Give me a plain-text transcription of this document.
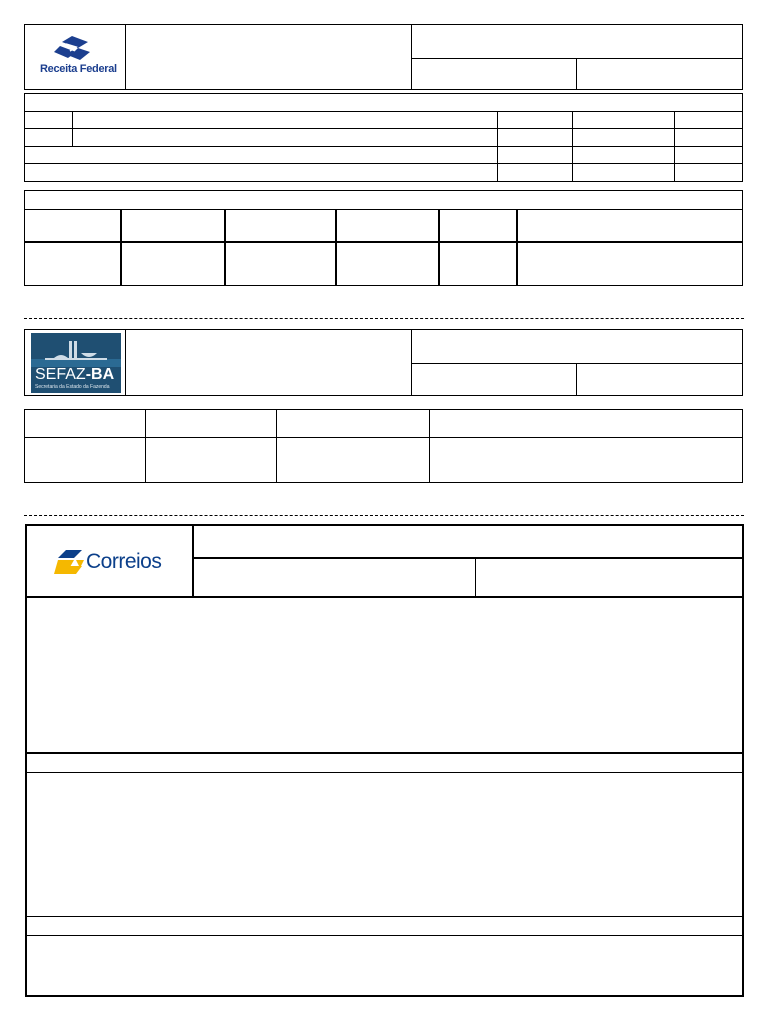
Receita Federal
SEFAZ-BA
Secretaria da Estado da Fazenda
Correios
